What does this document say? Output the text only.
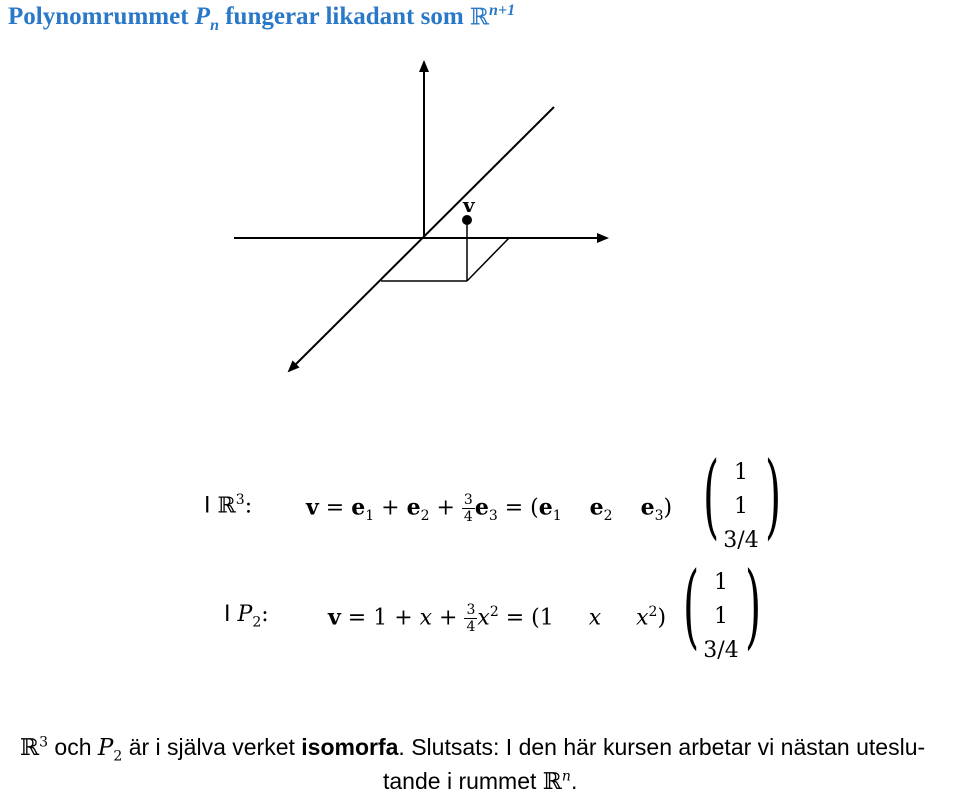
Polynomrummet $P_n$ fungerar likadant som ℝ$^{n+1}$
v
I ℝ$^3$: $v = e_1 + e_2 + \frac{3}{4} e_3 = (e_1$ $e_2$ $e_3$) ( 1
1
3/4 )
I $P_2$:	$v = 1 + x + \frac{3}{4} x^2 = (1$ x $x^2$) ( 1
1
3/4 )
ℝ$^3$ och $P_2$ är i själva verket isomorfa. Slutsats: I den här kursen arbetar vi nästan uteslu-
tande i rummet ℝ$^n$.
